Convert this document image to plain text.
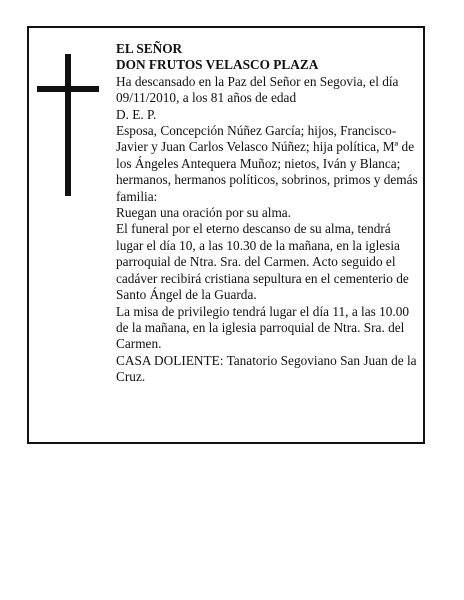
EL SEÑOR

DON FRUTOS VELASCO PLAZA

Ha descansado en la Paz del Señor en Segovia, el día 09/11/2010, a los 81 años de edad

D. E. P.

Esposa, Concepción Núñez García; hijos, Francisco-Javier y Juan Carlos Velasco Núñez; hija política, Mª de los Ángeles Antequera Muñoz; nietos, Iván y Blanca; hermanos, hermanos políticos, sobrinos, primos y demás familia:

Ruegan una oración por su alma.

El funeral por el eterno descanso de su alma, tendrá lugar el día 10, a las 10.30 de la mañana, en la iglesia parroquial de Ntra. Sra. del Carmen. Acto seguido el cadáver recibirá cristiana sepultura en el cementerio de Santo Ángel de la Guarda.

La misa de privilegio tendrá lugar el día 11, a las 10.00 de la mañana, en la iglesia parroquial de Ntra. Sra. del Carmen.

CASA DOLIENTE: Tanatorio Segoviano San Juan de la Cruz.
